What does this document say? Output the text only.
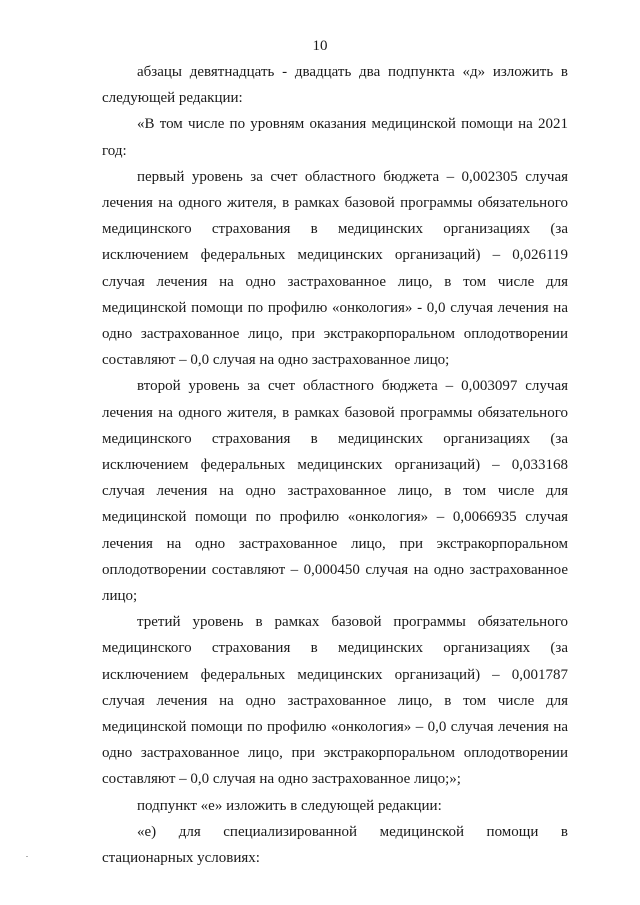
10

абзацы девятнадцать - двадцать два подпункта «д» изложить в следующей редакции:

«В том числе по уровням оказания медицинской помощи на 2021 год:

первый уровень за счет областного бюджета – 0,002305 случая лечения на одного жителя, в рамках базовой программы обязательного медицинского страхования в медицинских организациях (за исключением федеральных медицинских организаций) – 0,026119 случая лечения на одно застрахованное лицо, в том числе для медицинской помощи по профилю «онкология» - 0,0 случая лечения на одно застрахованное лицо, при экстракорпоральном оплодотворении составляют – 0,0 случая на одно застрахованное лицо;

второй уровень за счет областного бюджета – 0,003097 случая лечения на одного жителя, в рамках базовой программы обязательного медицинского страхования в медицинских организациях (за исключением федеральных медицинских организаций) – 0,033168 случая лечения на одно застрахованное лицо, в том числе для медицинской помощи по профилю «онкология» – 0,0066935 случая лечения на одно застрахованное лицо, при экстракорпоральном оплодотворении составляют – 0,000450 случая на одно застрахованное лицо;

третий уровень в рамках базовой программы обязательного медицинского страхования в медицинских организациях (за исключением федеральных медицинских организаций) – 0,001787 случая лечения на одно застрахованное лицо, в том числе для медицинской помощи по профилю «онкология» – 0,0 случая лечения на одно застрахованное лицо, при экстракорпоральном оплодотворении составляют – 0,0 случая на одно застрахованное лицо;»;

подпункт «е» изложить в следующей редакции:

«е) для специализированной медицинской помощи в стационарных условиях:
